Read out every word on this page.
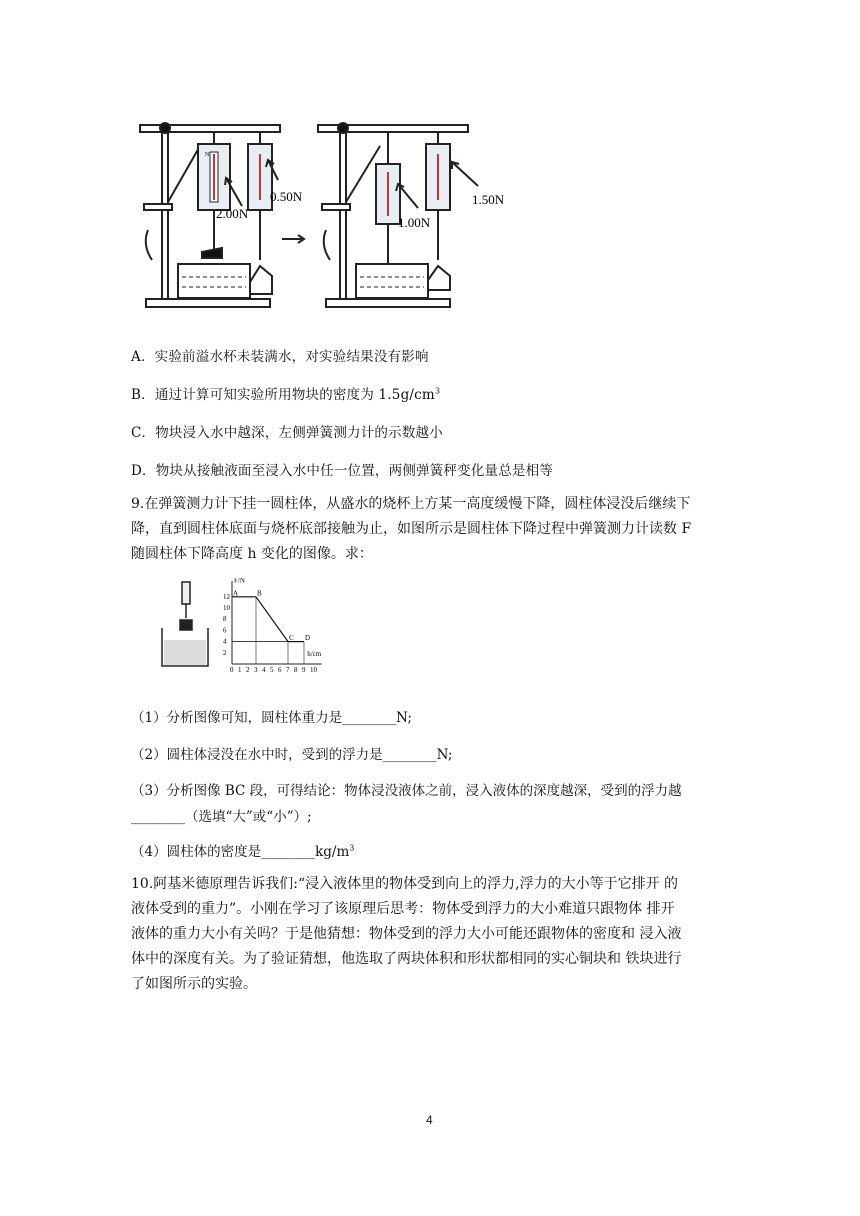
N
2.00N
0.50N
1.00N
1.50N
A．实验前溢水杯未装满水，对实验结果没有影响
B．通过计算可知实验所用物块的密度为 $1.5g/cm^3$
C．物块浸入水中越深，左侧弹簧测力计的示数越小
D．物块从接触液面至浸入水中任一位置，两侧弹簧秤变化量总是相等
9.在弹簧测力计下挂一圆柱体，从盛水的烧杯上方某一高度缓慢下降，圆柱体浸没后继续下
降，直到圆柱体底面与烧杯底部接触为止，如图所示是圆柱体下降过程中弹簧测力计读数 F
随圆柱体下降高度 h 变化的图像。求：
F/N
h/cm
0 1 2 3 4 5 6 7 8 9 10
2
4
6
8
10
12 A	B
C D
（1）分析图像可知，圆柱体重力是________N;
（2）圆柱体浸没在水中时，受到的浮力是________N;
（3）分析图像 BC 段，可得结论：物体浸没液体之前，浸入液体的深度越深，受到的浮力越
________（选填“大”或“小”）;
（4）圆柱体的密度是$\_\_\_\_\_\_\_\_kg/m^3$
10.阿基米德原理告诉我们:“浸入液体里的物体受到向上的浮力,浮力的大小等于它排开 的
液体受到的重力”。小刚在学习了该原理后思考：物体受到浮力的大小难道只跟物体 排开
液体的重力大小有关吗？于是他猜想：物体受到的浮力大小可能还跟物体的密度和 浸入液
体中的深度有关。为了验证猜想，他选取了两块体积和形状都相同的实心铜块和 铁块进行
了如图所示的实验。
4
